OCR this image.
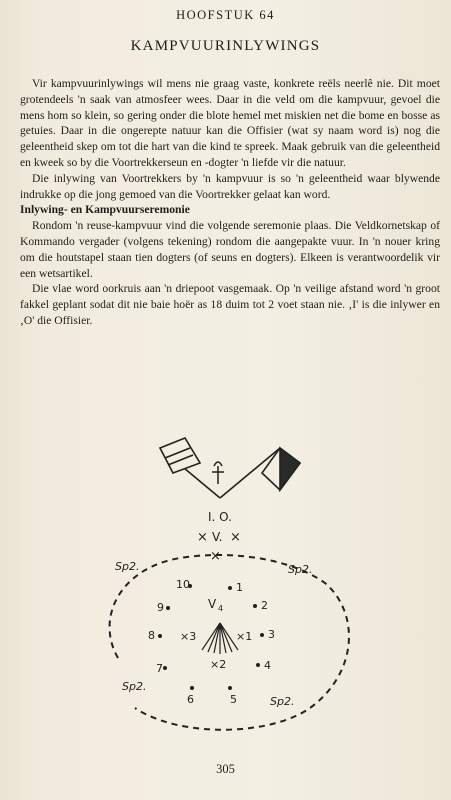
HOOFSTUK 64
KAMPVUURINLYWINGS

Vir kampvuurinlywings wil mens nie graag vaste, konkrete reëls neerlê nie. Dit moet grotendeels 'n saak van atmosfeer wees. Daar in die veld om die kampvuur, gevoel die mens hom so klein, so gering onder die blote hemel met miskien net die bome en bosse as getuies. Daar in die ongerepte natuur kan die Offisier (wat sy naam word is) nog die geleentheid skep om tot die hart van die kind te spreek. Maak gebruik van die geleentheid en kweek so by die Voortrekkerseun en -dogter 'n liefde vir die natuur.

Die inlywing van Voortrekkers by 'n kampvuur is so 'n geleentheid waar blywende indrukke op die jong gemoed van die Voortrekker gelaat kan word.

Inlywing- en Kampvuurseremonie

Rondom 'n reuse-kampvuur vind die volgende seremonie plaas. Die Veldkornetskap of Kommando vergader (volgens tekening) rondom die aangepakte vuur. In 'n nouer kring om die houtstapel staan tien dogters (of seuns en dogters). Elkeen is verantwoordelik vir een wetsartikel.

Die vlae word oorkruis aan 'n driepoot vasgemaak. Op 'n veilige afstand word 'n groot fakkel geplant sodat dit nie baie hoër as 18 duim tot 2 voet staan nie. ‚I' is die inlywer en ‚O' die Offisier.

I. O.
× V. ×
×
Sp2.	Sp2.
Sp2.
Sp2.
V 4
1
2
3
4
5
6
7
8
9
10
×1
×2
×3
305
